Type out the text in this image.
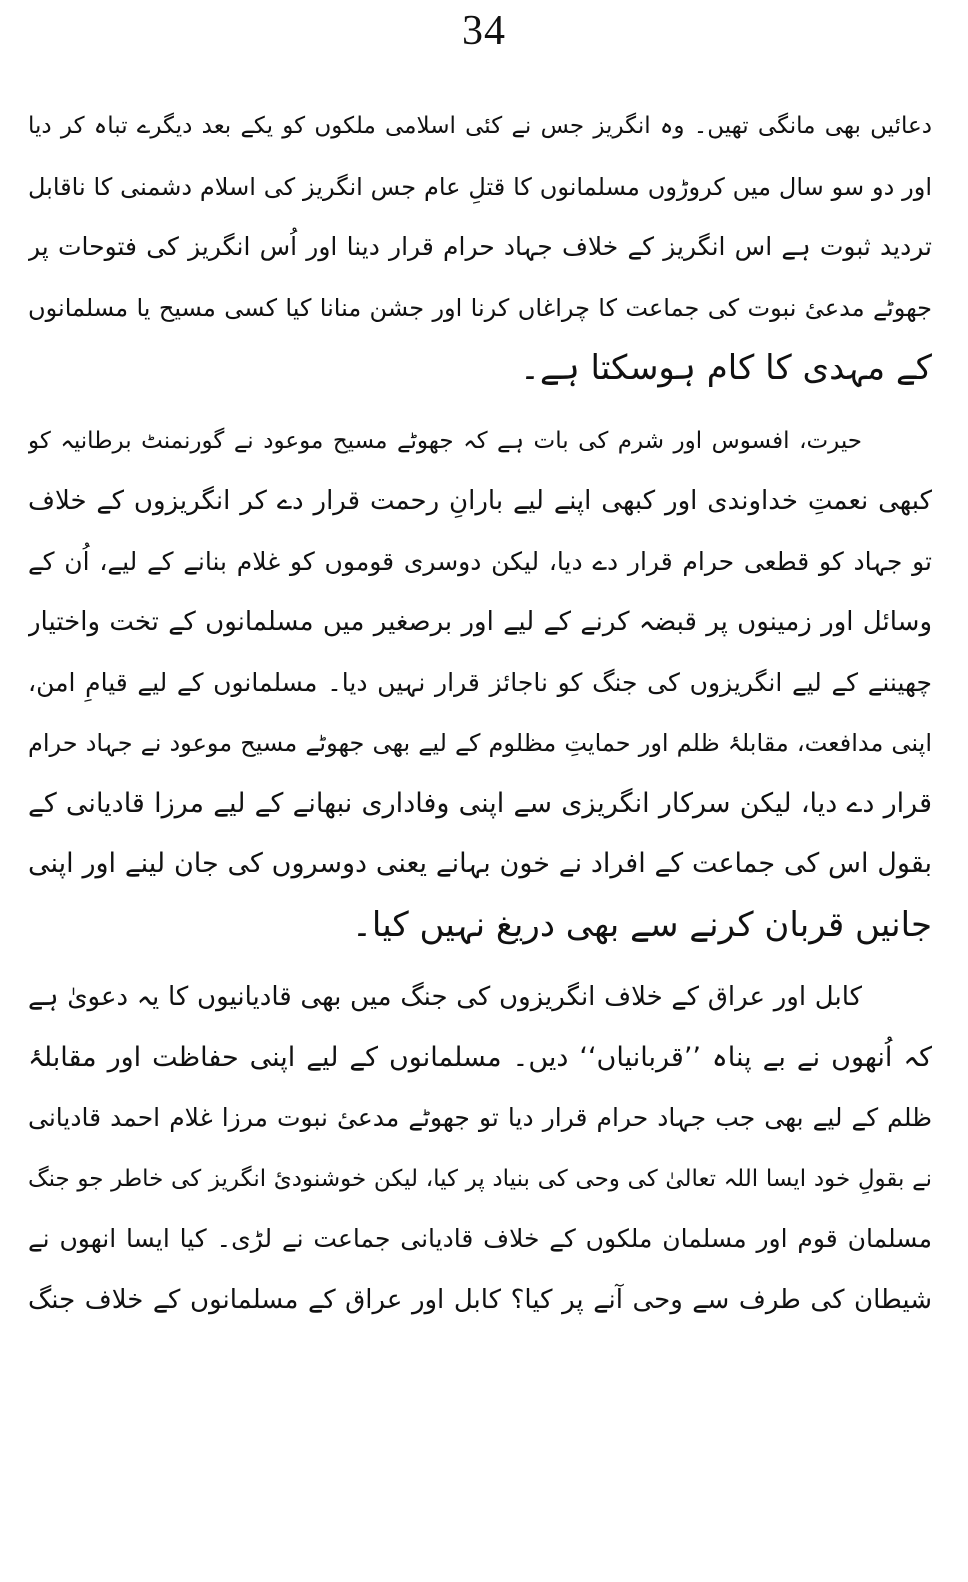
34
دعائیں بھی مانگی تھیں۔ وہ انگریز جس نے کئی اسلامی ملکوں کو یکے بعد دیگرے تباہ کر دیا
اور دو سو سال میں کروڑوں مسلمانوں کا قتلِ عام جس انگریز کی اسلام دشمنی کا ناقابل
تردید ثبوت ہے اس انگریز کے خلاف جہاد حرام قرار دینا اور اُس انگریز کی فتوحات پر
جھوٹے مدعیٔ نبوت کی جماعت کا چراغاں کرنا اور جشن منانا کیا کسی مسیح یا مسلمانوں
کے مہدی کا کام ہوسکتا ہے۔
حیرت، افسوس اور شرم کی بات ہے کہ جھوٹے مسیح موعود نے گورنمنٹ برطانیہ کو
کبھی نعمتِ خداوندی اور کبھی اپنے لیے بارانِ رحمت قرار دے کر انگریزوں کے خلاف
تو جہاد کو قطعی حرام قرار دے دیا، لیکن دوسری قوموں کو غلام بنانے کے لیے، اُن کے
وسائل اور زمینوں پر قبضہ کرنے کے لیے اور برصغیر میں مسلمانوں کے تخت واختیار
چھیننے کے لیے انگریزوں کی جنگ کو ناجائز قرار نہیں دیا۔ مسلمانوں کے لیے قیامِ امن،
اپنی مدافعت، مقابلۂ ظلم اور حمایتِ مظلوم کے لیے بھی جھوٹے مسیح موعود نے جہاد حرام
قرار دے دیا، لیکن سرکار انگریزی سے اپنی وفاداری نبھانے کے لیے مرزا قادیانی کے
بقول اس کی جماعت کے افراد نے خون بہانے یعنی دوسروں کی جان لینے اور اپنی
جانیں قربان کرنے سے بھی دریغ نہیں کیا۔
کابل اور عراق کے خلاف انگریزوں کی جنگ میں بھی قادیانیوں کا یہ دعویٰ ہے
کہ اُنھوں نے بے پناہ ’’قربانیاں‘‘ دیں۔ مسلمانوں کے لیے اپنی حفاظت اور مقابلۂ
ظلم کے لیے بھی جب جہاد حرام قرار دیا تو جھوٹے مدعیٔ نبوت مرزا غلام احمد قادیانی
نے بقولِ خود ایسا اللہ تعالیٰ کی وحی کی بنیاد پر کیا، لیکن خوشنودیٔ انگریز کی خاطر جو جنگ
مسلمان قوم اور مسلمان ملکوں کے خلاف قادیانی جماعت نے لڑی۔ کیا ایسا انھوں نے
شیطان کی طرف سے وحی آنے پر کیا؟ کابل اور عراق کے مسلمانوں کے خلاف جنگ
